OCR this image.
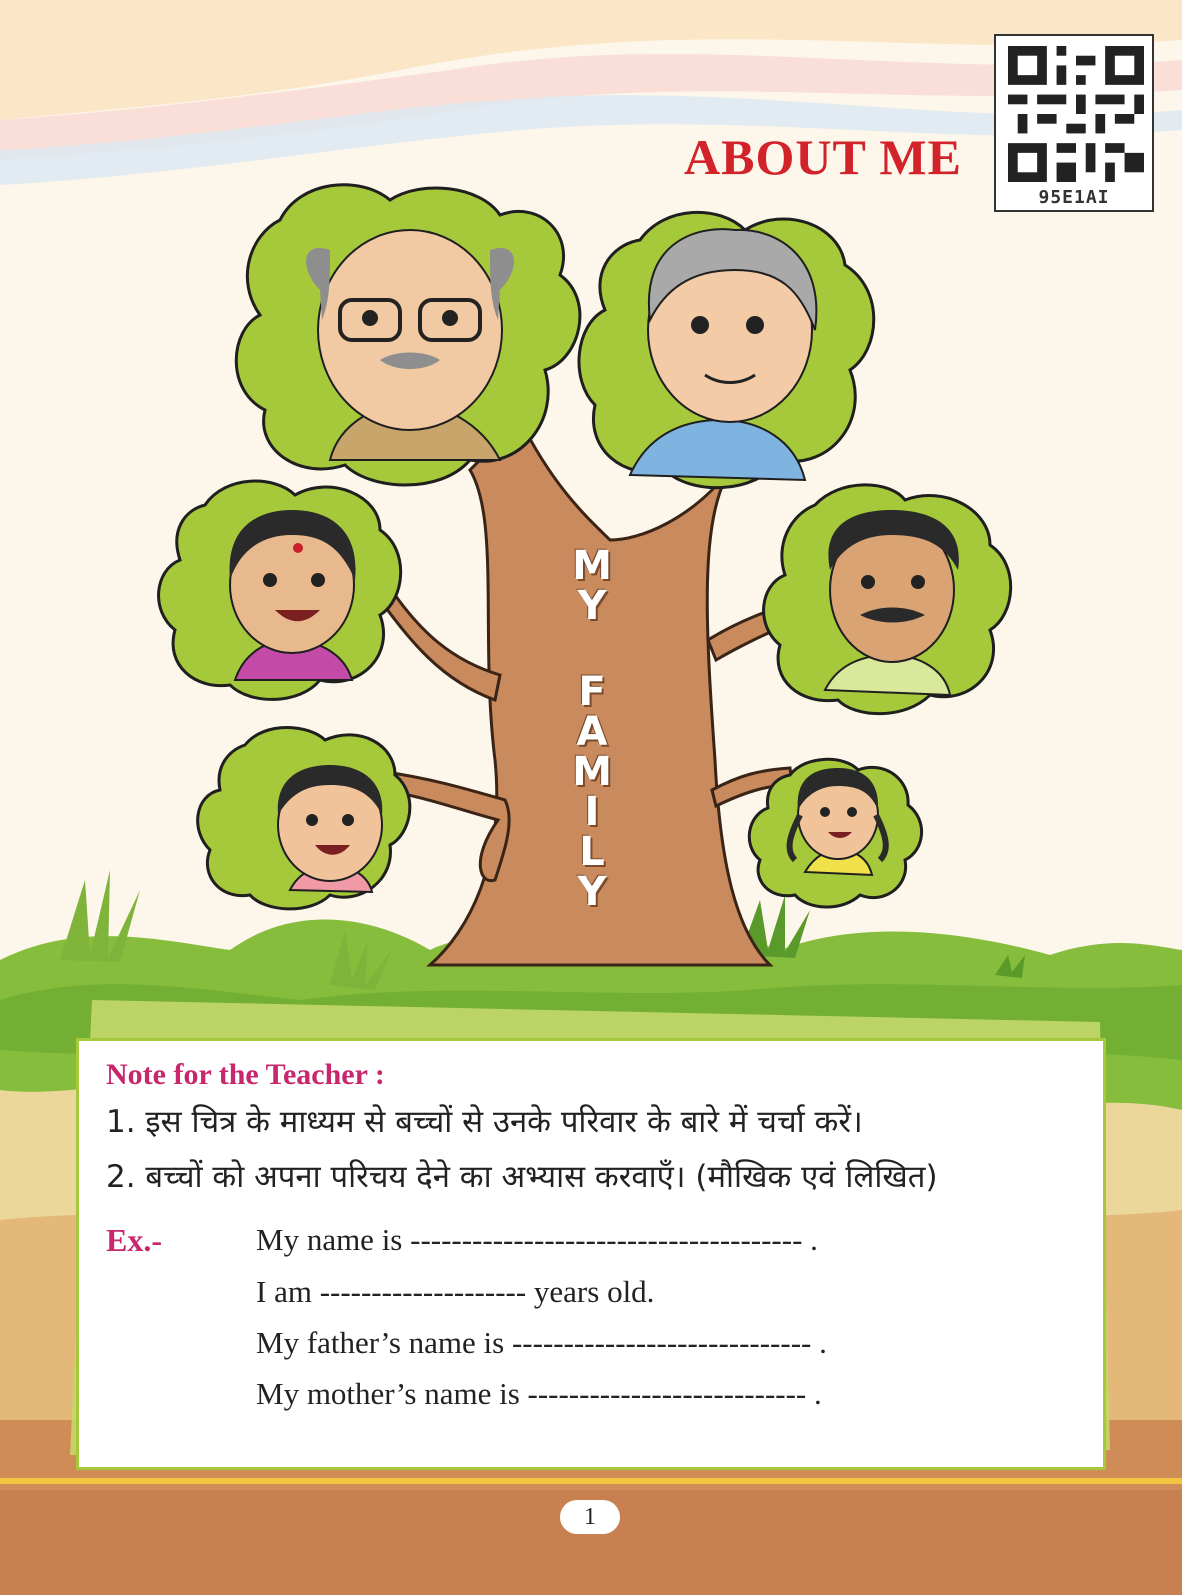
ABOUT ME
95E1AI
M
Y
F
A
M
I
L
Y
Note for the Teacher :
1. इस चित्र के माध्यम से बच्चों से उनके परिवार के बारे में चर्चा करें।
2. बच्चों को अपना परिचय देने का अभ्यास करवाएँ। (मौखिक एवं लिखित)
Ex.-	My name is -------------------------------------- .
I am -------------------- years old.
My father’s name is ----------------------------- .
My mother’s name is --------------------------- .
1
